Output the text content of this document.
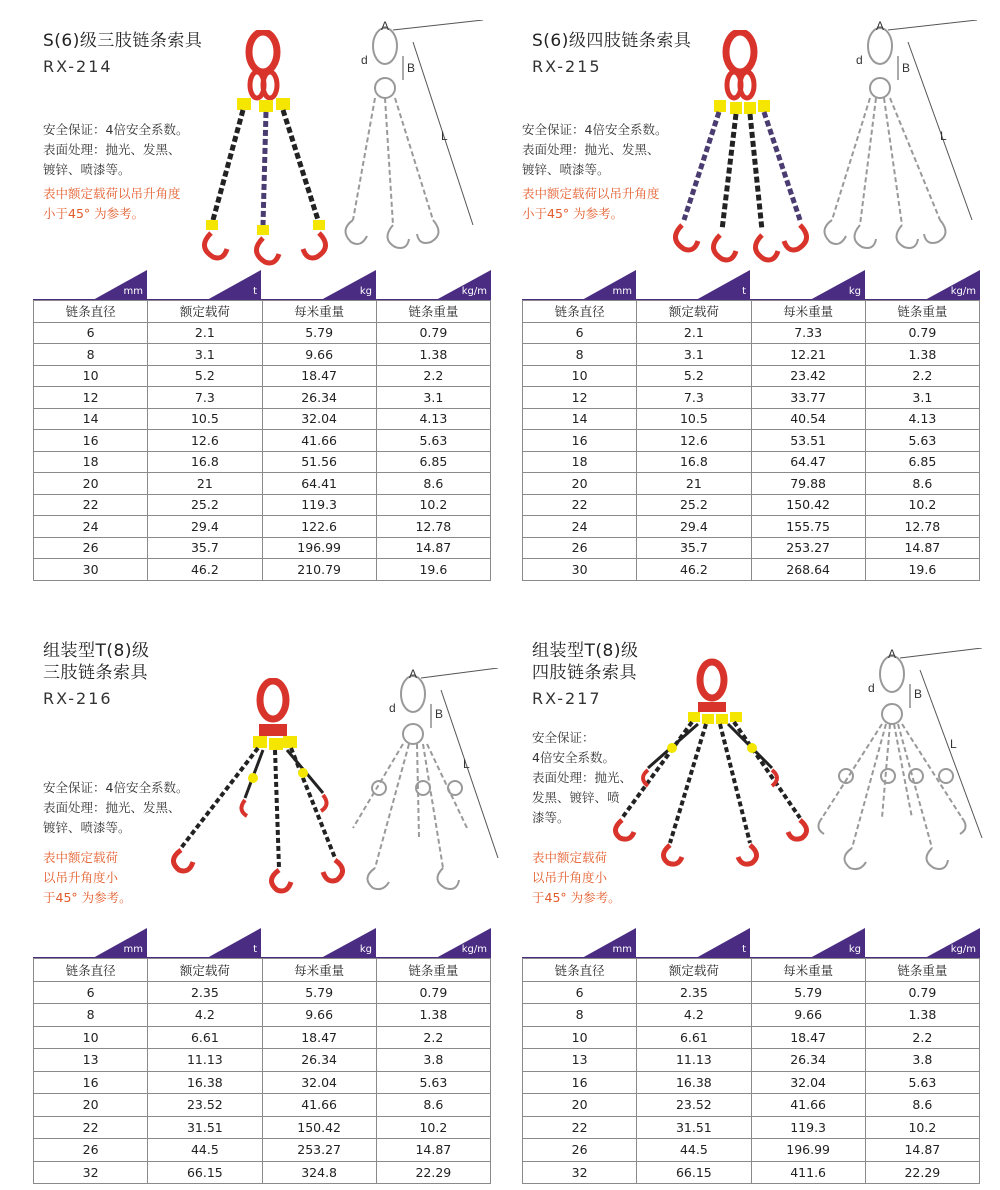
S(6)级三肢链条索具
RX-214
安全保证：4倍安全系数。
表面处理：抛光、发黑、
镀锌、喷漆等。
表中额定载荷以吊升角度
小于45° 为参考。
A
d
B
L
mm	t	kg	kg/m
链条直径	额定载荷	每米重量	链条重量
6	2.1	5.79	0.79
8	3.1	9.66	1.38
10	5.2	18.47	2.2
12	7.3	26.34	3.1
14	10.5	32.04	4.13
16	12.6	41.66	5.63
18	16.8	51.56	6.85
20	21	64.41	8.6
22	25.2	119.3	10.2
24	29.4	122.6	12.78
26	35.7	196.99	14.87
30	46.2	210.79	19.6
S(6)级四肢链条索具
RX-215
安全保证：4倍安全系数。
表面处理：抛光、发黑、
镀锌、喷漆等。
表中额定载荷以吊升角度
小于45° 为参考。
A
d
B
L
mm	t	kg	kg/m
链条直径	额定载荷	每米重量	链条重量
6	2.1	7.33	0.79
8	3.1	12.21	1.38
10	5.2	23.42	2.2
12	7.3	33.77	3.1
14	10.5	40.54	4.13
16	12.6	53.51	5.63
18	16.8	64.47	6.85
20	21	79.88	8.6
22	25.2	150.42	10.2
24	29.4	155.75	12.78
26	35.7	253.27	14.87
30	46.2	268.64	19.6
组装型T(8)级
三肢链条索具
RX-216
安全保证：4倍安全系数。
表面处理：抛光、发黑、
镀锌、喷漆等。
表中额定载荷
以吊升角度小
于45° 为参考。
A
d	B
L
mm	t	kg	kg/m
链条直径	额定载荷	每米重量	链条重量
6	2.35	5.79	0.79
8	4.2	9.66	1.38
10	6.61	18.47	2.2
13	11.13	26.34	3.8
16	16.38	32.04	5.63
20	23.52	41.66	8.6
22	31.51	150.42	10.2
26	44.5	253.27	14.87
32	66.15	324.8	22.29
组装型T(8)级
四肢链条索具
RX-217
安全保证：
4倍安全系数。
表面处理：抛光、
发黑、镀锌、喷
漆等。
表中额定载荷
以吊升角度小
于45° 为参考。
A
d	B
L
mm	t	kg	kg/m
链条直径	额定载荷	每米重量	链条重量
6	2.35	5.79	0.79
8	4.2	9.66	1.38
10	6.61	18.47	2.2
13	11.13	26.34	3.8
16	16.38	32.04	5.63
20	23.52	41.66	8.6
22	31.51	119.3	10.2
26	44.5	196.99	14.87
32	66.15	411.6	22.29
